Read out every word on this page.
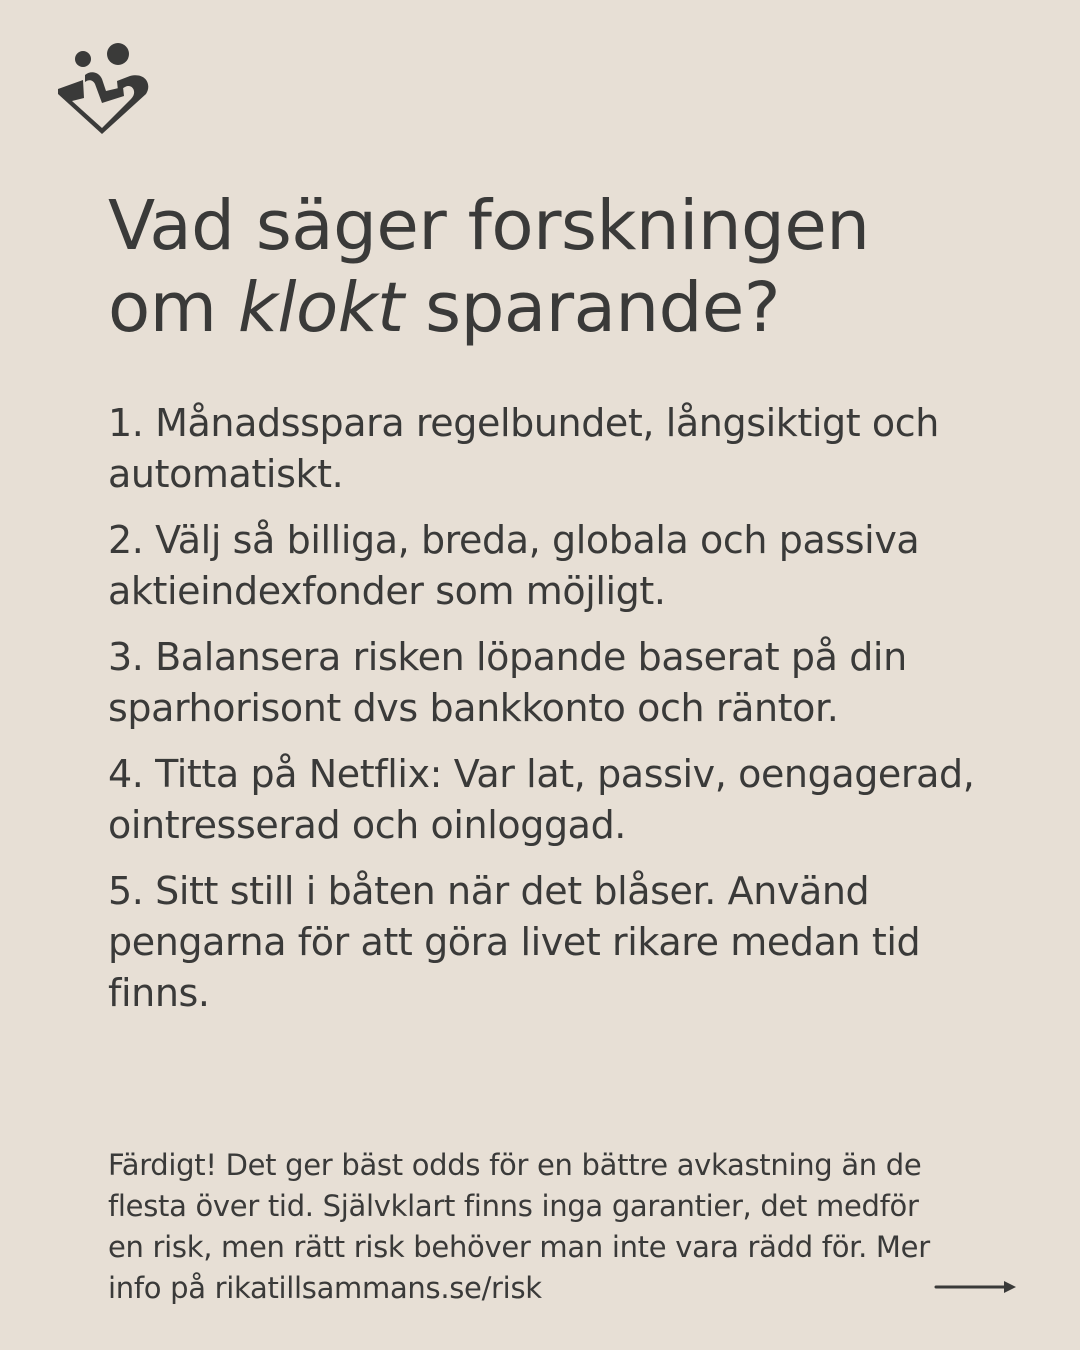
Vad säger forskningen
om klokt sparande?
1. Månadsspara regelbundet, långsiktigt och automatiskt.
2. Välj så billiga, breda, globala och passiva aktieindexfonder som möjligt.
3. Balansera risken löpande baserat på din sparhorisont dvs bankkonto och räntor.
4. Titta på Netflix: Var lat, passiv, oengagerad, ointresserad och oinloggad.
5. Sitt still i båten när det blåser. Använd pengarna för att göra livet rikare medan tid finns.

Färdigt! Det ger bäst odds för en bättre avkastning än de flesta över tid. Självklart finns inga garantier, det medför en risk, men rätt risk behöver man inte vara rädd för. Mer info på rikatillsammans.se/risk
